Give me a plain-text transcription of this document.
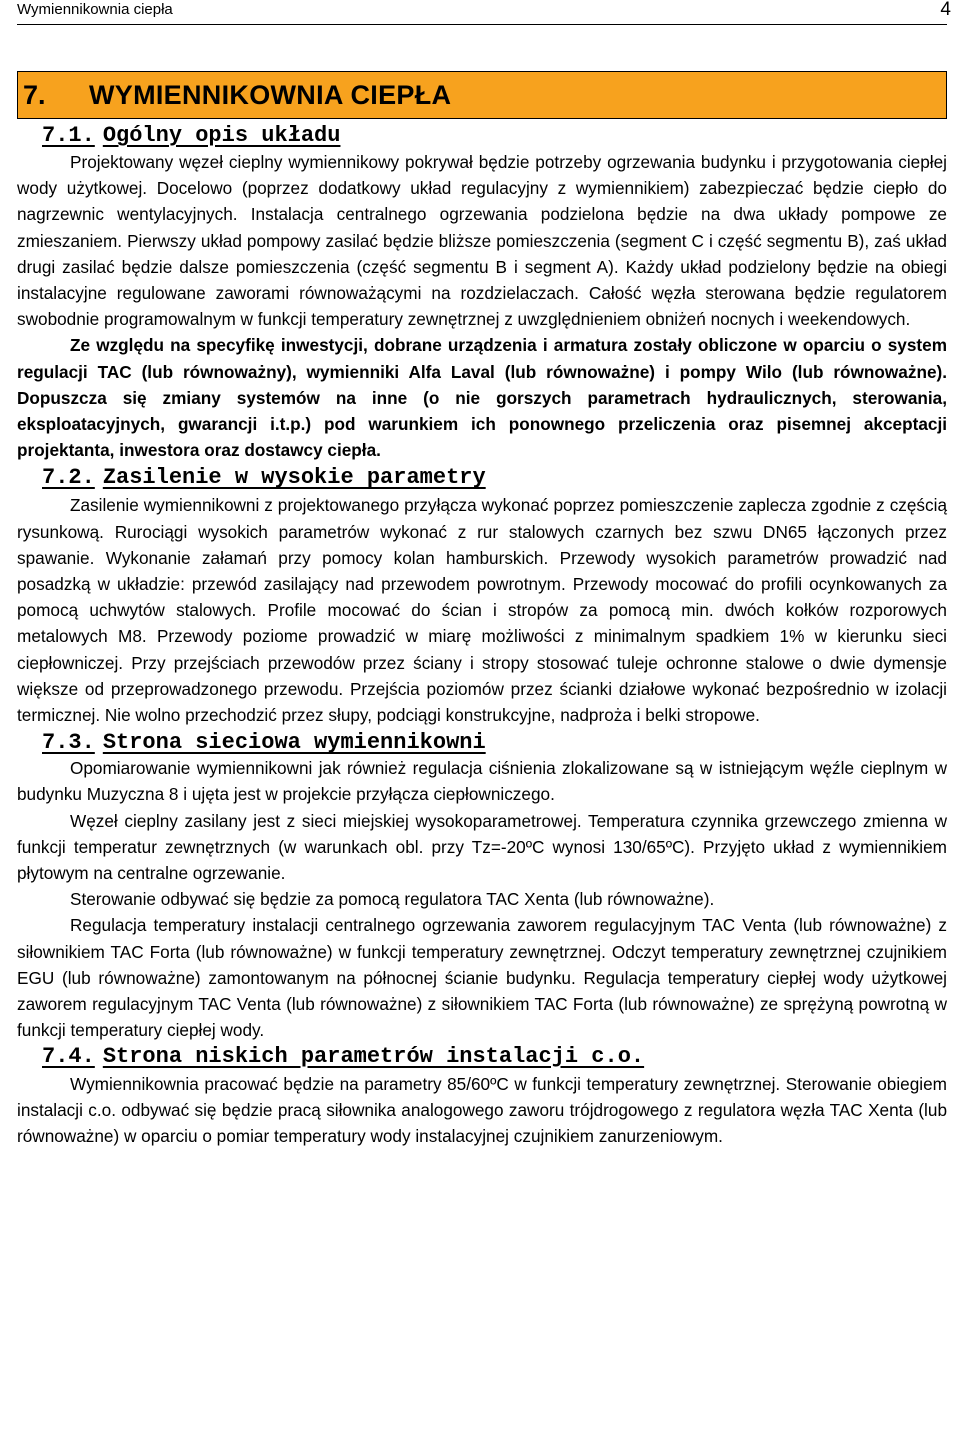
Wymiennikownia ciepła	4
7.	WYMIENNIKOWNIA CIEPŁA
7.1. Ogólny opis układu

Projektowany węzeł cieplny wymiennikowy pokrywał będzie potrzeby ogrzewania budynku i przygotowania ciepłej wody użytkowej. Docelowo (poprzez dodatkowy układ regulacyjny z wymiennikiem) zabezpieczać będzie ciepło do nagrzewnic wentylacyjnych. Instalacja centralnego ogrzewania podzielona będzie na dwa układy pompowe ze zmieszaniem. Pierwszy układ pompowy zasilać będzie bliższe pomieszczenia (segment C i część segmentu B), zaś układ drugi zasilać będzie dalsze pomieszczenia (część segmentu B i segment A). Każdy układ podzielony będzie na obiegi instalacyjne regulowane zaworami równoważącymi na rozdzielaczach. Całość węzła sterowana będzie regulatorem swobodnie programowalnym w funkcji temperatury zewnętrznej z uwzględnieniem obniżeń nocnych i weekendowych.

Ze względu na specyfikę inwestycji, dobrane urządzenia i armatura zostały obliczone w oparciu o system regulacji TAC (lub równoważny), wymienniki Alfa Laval (lub równoważne) i pompy Wilo (lub równoważne). Dopuszcza się zmiany systemów na inne (o nie gorszych parametrach hydraulicznych, sterowania, eksploatacyjnych, gwarancji i.t.p.) pod warunkiem ich ponownego przeliczenia oraz pisemnej akceptacji projektanta, inwestora oraz dostawcy ciepła.

7.2. Zasilenie w wysokie parametry

Zasilenie wymiennikowni z projektowanego przyłącza wykonać poprzez pomieszczenie zaplecza zgodnie z częścią rysunkową. Rurociągi wysokich parametrów wykonać z rur stalowych czarnych bez szwu DN65 łączonych przez spawanie. Wykonanie załamań przy pomocy kolan hamburskich. Przewody wysokich parametrów prowadzić nad posadzką w układzie: przewód zasilający nad przewodem powrotnym. Przewody mocować do profili ocynkowanych za pomocą uchwytów stalowych. Profile mocować do ścian i stropów za pomocą min. dwóch kołków rozporowych metalowych M8. Przewody poziome prowadzić w miarę możliwości z minimalnym spadkiem 1% w kierunku sieci ciepłowniczej. Przy przejściach przewodów przez ściany i stropy stosować tuleje ochronne stalowe o dwie dymensje większe od przeprowadzonego przewodu. Przejścia poziomów przez ścianki działowe wykonać bezpośrednio w izolacji termicznej. Nie wolno przechodzić przez słupy, podciągi konstrukcyjne, nadproża i belki stropowe.

7.3. Strona sieciowa wymiennikowni

Opomiarowanie wymiennikowni jak również regulacja ciśnienia zlokalizowane są w istniejącym węźle cieplnym w budynku Muzyczna 8 i ujęta jest w projekcie przyłącza ciepłowniczego.

Węzeł cieplny zasilany jest z sieci miejskiej wysokoparametrowej. Temperatura czynnika grzewczego zmienna w funkcji temperatur zewnętrznych (w warunkach obl. przy Tz=-20ºC wynosi 130/65ºC). Przyjęto układ z wymiennikiem płytowym na centralne ogrzewanie.

Sterowanie odbywać się będzie za pomocą regulatora TAC Xenta (lub równoważne).

Regulacja temperatury instalacji centralnego ogrzewania zaworem regulacyjnym TAC Venta (lub równoważne) z siłownikiem TAC Forta (lub równoważne) w funkcji temperatury zewnętrznej. Odczyt temperatury zewnętrznej czujnikiem EGU (lub równoważne) zamontowanym na północnej ścianie budynku. Regulacja temperatury ciepłej wody użytkowej zaworem regulacyjnym TAC Venta (lub równoważne) z siłownikiem TAC Forta (lub równoważne) ze sprężyną powrotną w funkcji temperatury ciepłej wody.

7.4. Strona niskich parametrów instalacji c.o.

Wymiennikownia pracować będzie na parametry 85/60ºC w funkcji temperatury zewnętrznej. Sterowanie obiegiem instalacji c.o. odbywać się będzie pracą siłownika analogowego zaworu trójdrogowego z regulatora węzła TAC Xenta (lub równoważne) w oparciu o pomiar temperatury wody instalacyjnej czujnikiem zanurzeniowym.
